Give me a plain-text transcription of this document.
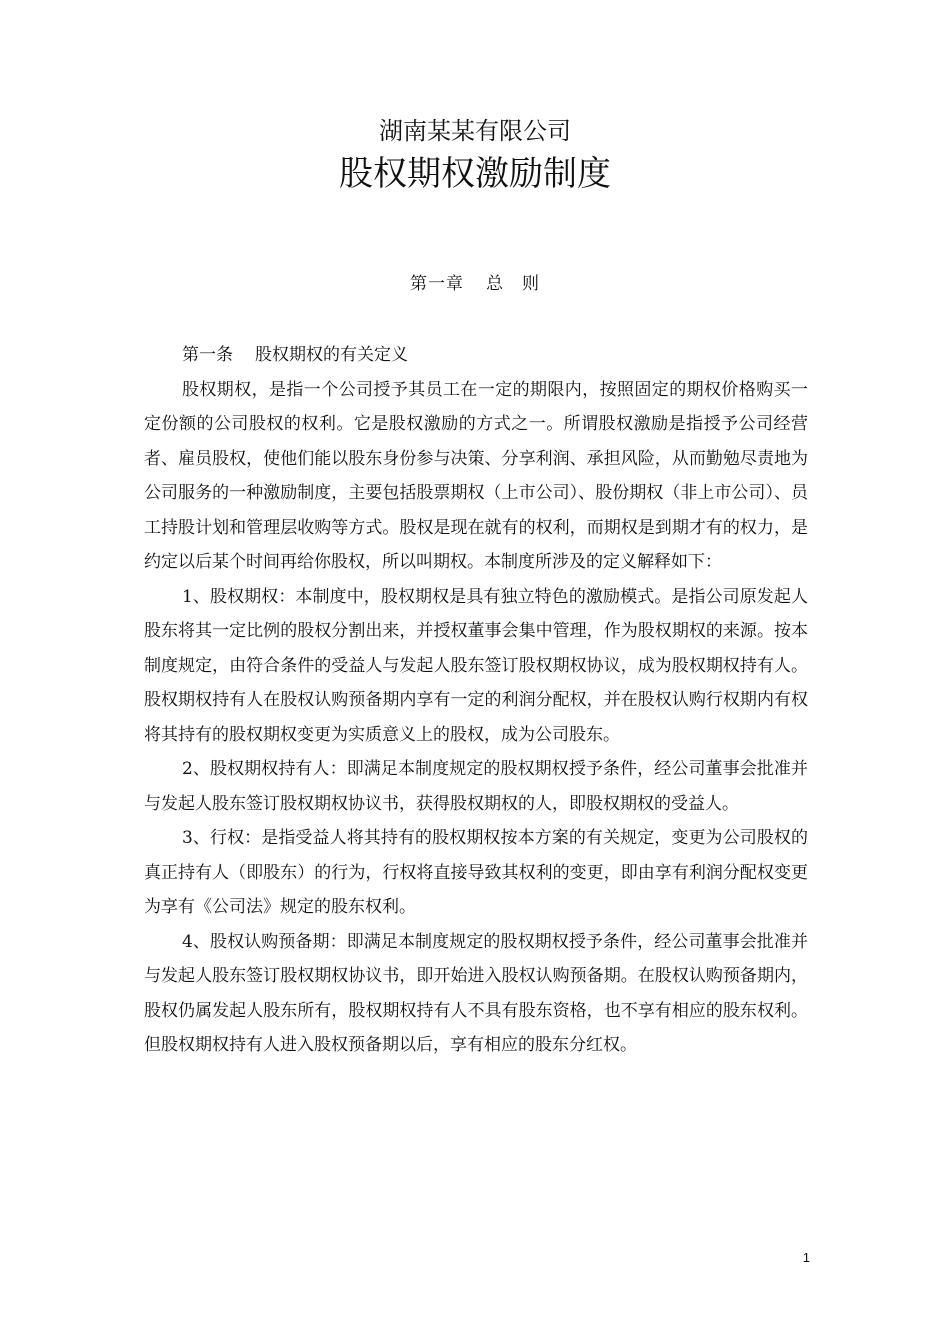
湖南某某有限公司
股权期权激励制度
第一章 总 则

第一条 股权期权的有关定义

股权期权，是指一个公司授予其员工在一定的期限内，按照固定的期权价格购买一定份额的公司股权的权利。它是股权激励的方式之一。所谓股权激励是指授予公司经营者、雇员股权，使他们能以股东身份参与决策、分享利润、承担风险，从而勤勉尽责地为公司服务的一种激励制度，主要包括股票期权（上市公司）、股份期权（非上市公司）、员工持股计划和管理层收购等方式。股权是现在就有的权利，而期权是到期才有的权力，是约定以后某个时间再给你股权，所以叫期权。本制度所涉及的定义解释如下：

1、股权期权：本制度中，股权期权是具有独立特色的激励模式。是指公司原发起人股东将其一定比例的股权分割出来，并授权董事会集中管理，作为股权期权的来源。按本制度规定，由符合条件的受益人与发起人股东签订股权期权协议，成为股权期权持有人。股权期权持有人在股权认购预备期内享有一定的利润分配权，并在股权认购行权期内有权将其持有的股权期权变更为实质意义上的股权，成为公司股东。

2、股权期权持有人：即满足本制度规定的股权期权授予条件，经公司董事会批准并与发起人股东签订股权期权协议书，获得股权期权的人，即股权期权的受益人。

3、行权：是指受益人将其持有的股权期权按本方案的有关规定，变更为公司股权的真正持有人（即股东）的行为，行权将直接导致其权利的变更，即由享有利润分配权变更为享有《公司法》规定的股东权利。

4、股权认购预备期：即满足本制度规定的股权期权授予条件，经公司董事会批准并与发起人股东签订股权期权协议书，即开始进入股权认购预备期。在股权认购预备期内，股权仍属发起人股东所有，股权期权持有人不具有股东资格，也不享有相应的股东权利。但股权期权持有人进入股权预备期以后，享有相应的股东分红权。

1
